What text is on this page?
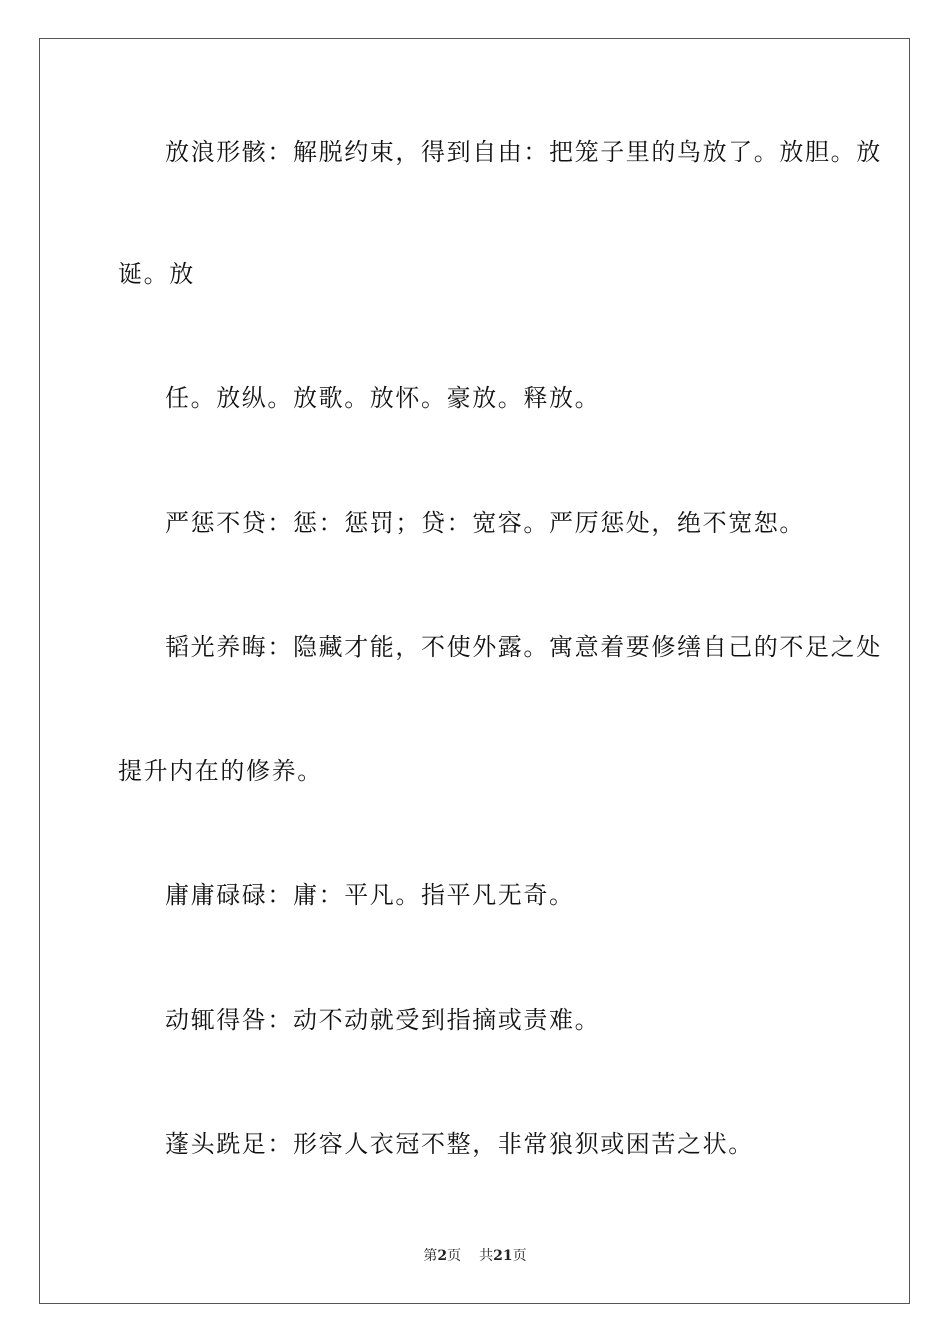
放浪形骸：解脱约束，得到自由：把笼子里的鸟放了。放胆。放
诞。放
任。放纵。放歌。放怀。豪放。释放。
严惩不贷：惩：惩罚；贷：宽容。严厉惩处，绝不宽恕。
韬光养晦：隐藏才能，不使外露。寓意着要修缮自己的不足之处
提升内在的修养。
庸庸碌碌：庸：平凡。指平凡无奇。
动辄得咎：动不动就受到指摘或责难。
蓬头跣足：形容人衣冠不整，非常狼狈或困苦之状。
第2页 共21页
